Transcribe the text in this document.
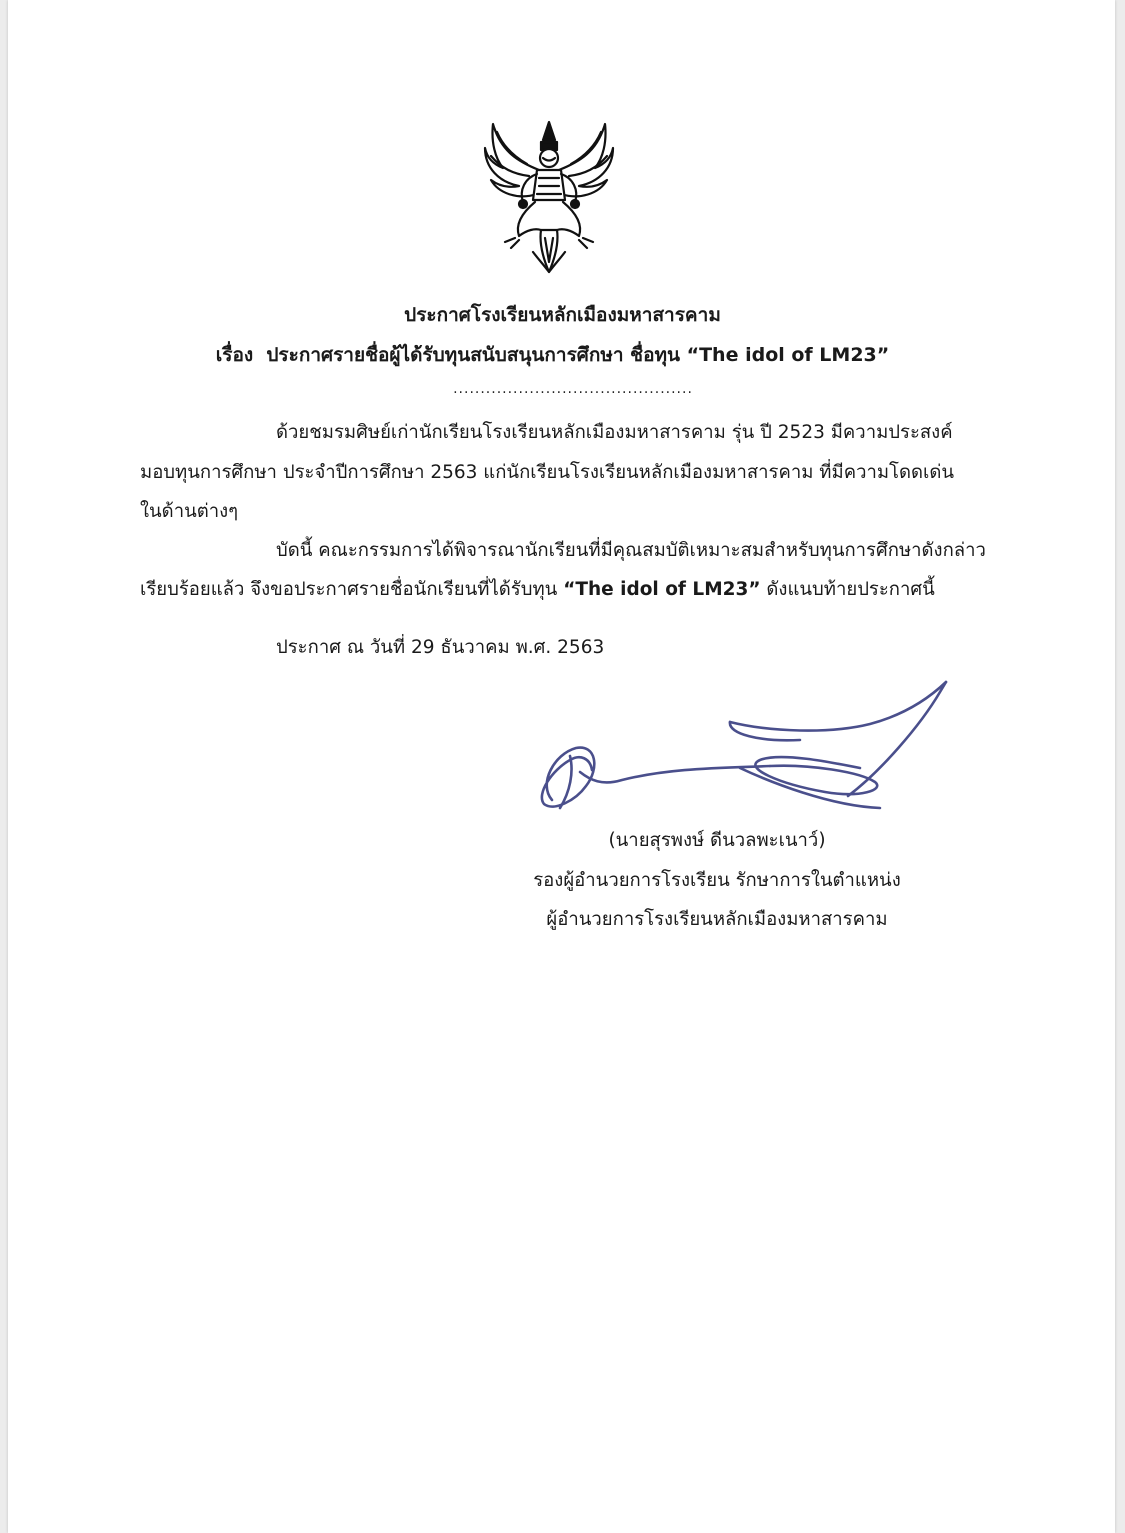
ประกาศโรงเรียนหลักเมืองมหาสารคาม
เรื่อง ประกาศรายชื่อผู้ได้รับทุนสนับสนุนการศึกษา ชื่อทุน “The idol of LM23”
............................................
ด้วยชมรมศิษย์เก่านักเรียนโรงเรียนหลักเมืองมหาสารคาม รุ่น ปี 2523 มีความประสงค์
มอบทุนการศึกษา ประจำปีการศึกษา 2563 แก่นักเรียนโรงเรียนหลักเมืองมหาสารคาม ที่มีความโดดเด่น
ในด้านต่างๆ
บัดนี้ คณะกรรมการได้พิจารณานักเรียนที่มีคุณสมบัติเหมาะสมสำหรับทุนการศึกษาดังกล่าว
เรียบร้อยแล้ว จึงขอประกาศรายชื่อนักเรียนที่ได้รับทุน “The idol of LM23” ดังแนบท้ายประกาศนี้
ประกาศ ณ วันที่ 29 ธันวาคม พ.ศ. 2563
(นายสุรพงษ์ ดีนวลพะเนาว์)
รองผู้อำนวยการโรงเรียน รักษาการในตำแหน่ง
ผู้อำนวยการโรงเรียนหลักเมืองมหาสารคาม
